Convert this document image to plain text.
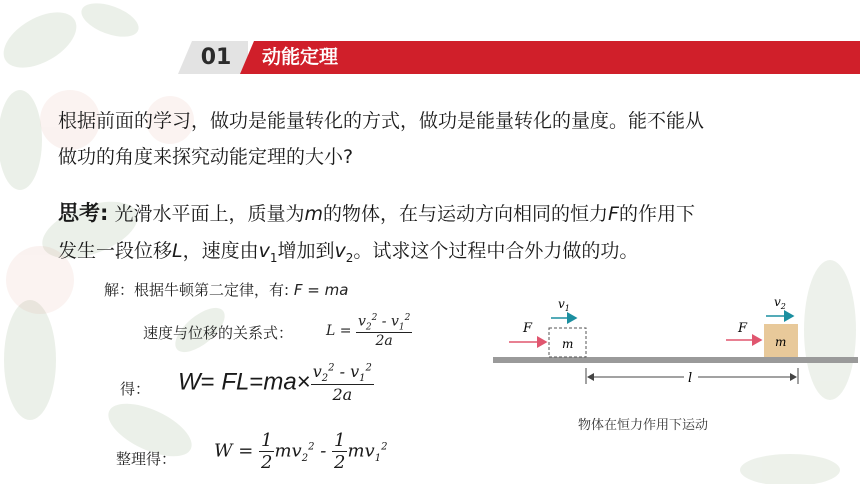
01	动能定理
根据前面的学习，做功是能量转化的方式，做功是能量转化的量度。能不能从
做功的角度来探究动能定理的大小?
思考: 光滑水平面上，质量为m的物体，在与运动方向相同的恒力F的作用下
发生一段位移L，速度由$v_1$增加到$v_2$。试求这个过程中合外力做的功。
解：根据牛顿第二定律，有: F = ma
速度与位移的关系式： $L = \frac{v_2^2 - v_1^2}{2a}$
得： $W= FL=ma\times \frac{v_2^2 - v_1^2}{2a}$
整理得： $W = \frac{1}{2} mv_2^2 - \frac{1}{2} mv_1^2$
m
F
$v_1$
m
F
$v_2$
l
物体在恒力作用下运动
